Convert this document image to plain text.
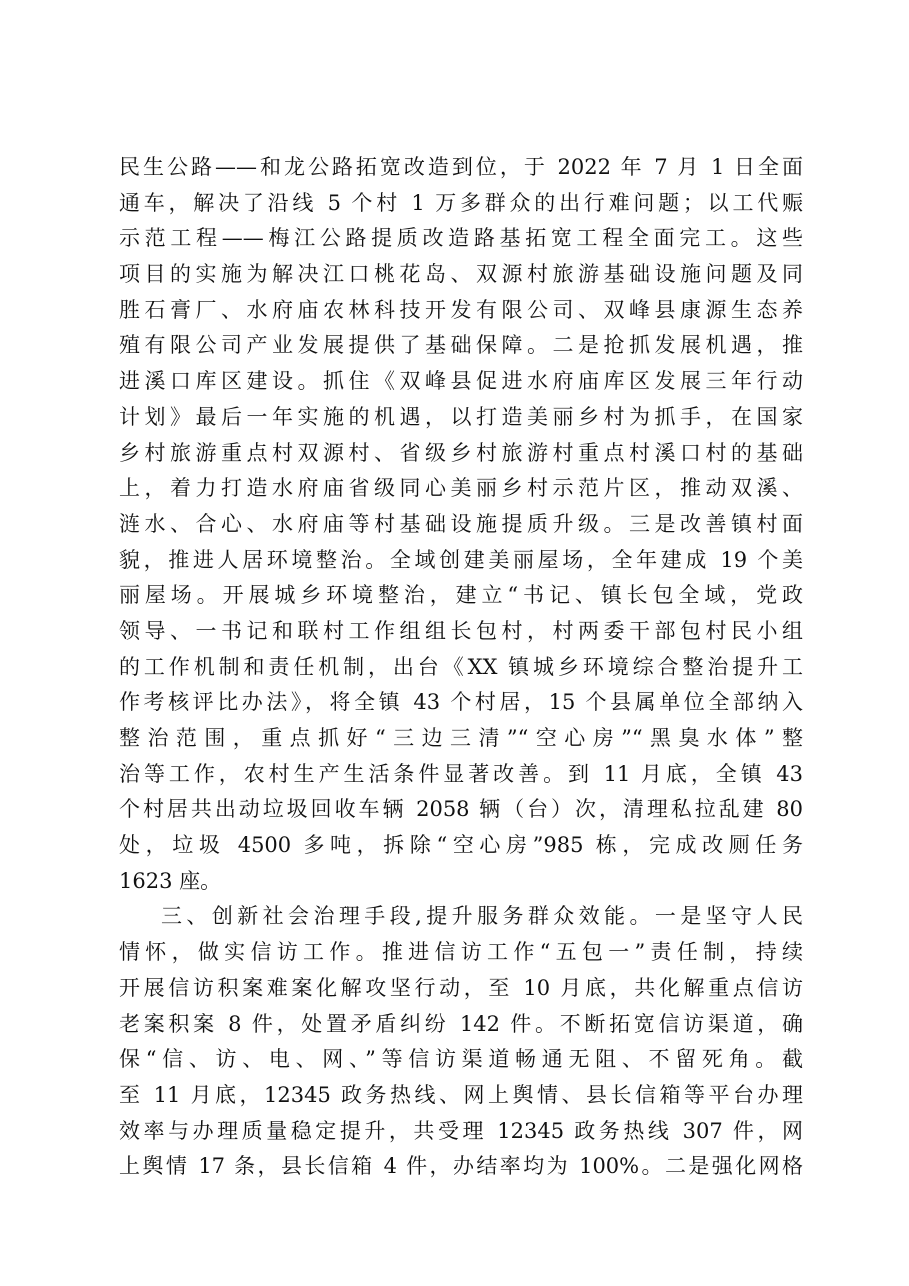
民生公路——和龙公路拓宽改造到位，于 2022 年 7 月 1 日全面
通车，解决了沿线 5 个村 1 万多群众的出行难问题；以工代赈
示范工程——梅江公路提质改造路基拓宽工程全面完工。这些
项目的实施为解决江口桃花岛、双源村旅游基础设施问题及同
胜石膏厂、水府庙农林科技开发有限公司、双峰县康源生态养
殖有限公司产业发展提供了基础保障。二是抢抓发展机遇，推
进溪口库区建设。抓住《双峰县促进水府庙库区发展三年行动
计划》最后一年实施的机遇，以打造美丽乡村为抓手，在国家
乡村旅游重点村双源村、省级乡村旅游村重点村溪口村的基础
上，着力打造水府庙省级同心美丽乡村示范片区，推动双溪、
涟水、合心、水府庙等村基础设施提质升级。三是改善镇村面
貌，推进人居环境整治。全域创建美丽屋场，全年建成 19 个美
丽屋场。开展城乡环境整治，建立“书记、镇长包全域，党政
领导、一书记和联村工作组组长包村，村两委干部包村民小组
的工作机制和责任机制，出台《XX 镇城乡环境综合整治提升工
作考核评比办法》，将全镇 43 个村居，15 个县属单位全部纳入
整治范围，重点抓好“三边三清”“空心房”“黑臭水体”整
治等工作，农村生产生活条件显著改善。到 11 月底，全镇 43
个村居共出动垃圾回收车辆 2058 辆（台）次，清理私拉乱建 80
处，垃圾 4500 多吨，拆除“空心房”985 栋，完成改厕任务
1623 座。
三、创新社会治理手段,提升服务群众效能。一是坚守人民
情怀，做实信访工作。推进信访工作“五包一”责任制，持续
开展信访积案难案化解攻坚行动，至 10 月底，共化解重点信访
老案积案 8 件，处置矛盾纠纷 142 件。不断拓宽信访渠道，确
保“信、访、电、网、”等信访渠道畅通无阻、不留死角。截
至 11 月底，12345 政务热线、网上舆情、县长信箱等平台办理
效率与办理质量稳定提升，共受理 12345 政务热线 307 件，网
上舆情 17 条，县长信箱 4 件，办结率均为 100%。二是强化网格
